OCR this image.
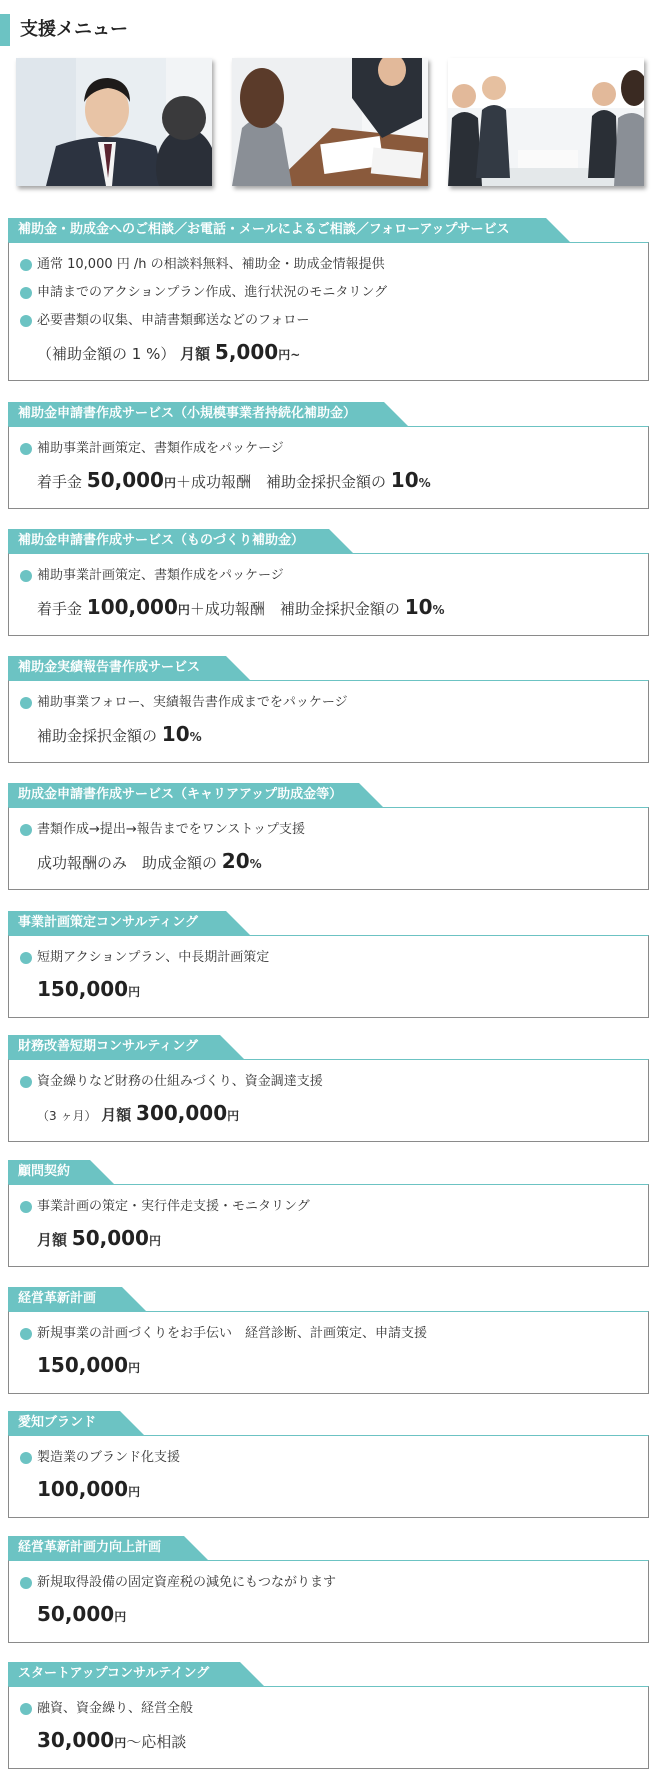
支援メニュー
補助金・助成金へのご相談／お電話・メールによるご相談／フォローアップサービス
通常 10,000 円 /h の相談料無料、補助金・助成金情報提供
申請までのアクションプラン作成、進行状況のモニタリング
必要書類の収集、申請書類郵送などのフォロー
（補助金額の 1 %） 月額 5,000円~
補助金申請書作成サービス（小規模事業者持続化補助金）
補助事業計画策定、書類作成をパッケージ
着手金 50,000円＋成功報酬　補助金採択金額の 10%
補助金申請書作成サービス（ものづくり補助金）
補助事業計画策定、書類作成をパッケージ
着手金 100,000円＋成功報酬　補助金採択金額の 10%
補助金実績報告書作成サービス
補助事業フォロー、実績報告書作成までをパッケージ
補助金採択金額の 10%
助成金申請書作成サービス（キャリアアップ助成金等）
書類作成→提出→報告までをワンストップ支援
成功報酬のみ　助成金額の 20%
事業計画策定コンサルティング
短期アクションプラン、中長期計画策定
150,000円
財務改善短期コンサルティング
資金繰りなど財務の仕組みづくり、資金調達支援
（3 ヶ月） 月額 300,000円
顧問契約
事業計画の策定・実行伴走支援・モニタリング
月額 50,000円
経営革新計画
新規事業の計画づくりをお手伝い　経営診断、計画策定、申請支援
150,000円
愛知ブランド
製造業のブランド化支援
100,000円
経営革新計画力向上計画
新規取得設備の固定資産税の減免にもつながります
50,000円
スタートアップコンサルテイング
融資、資金繰り、経営全般
30,000円～応相談
